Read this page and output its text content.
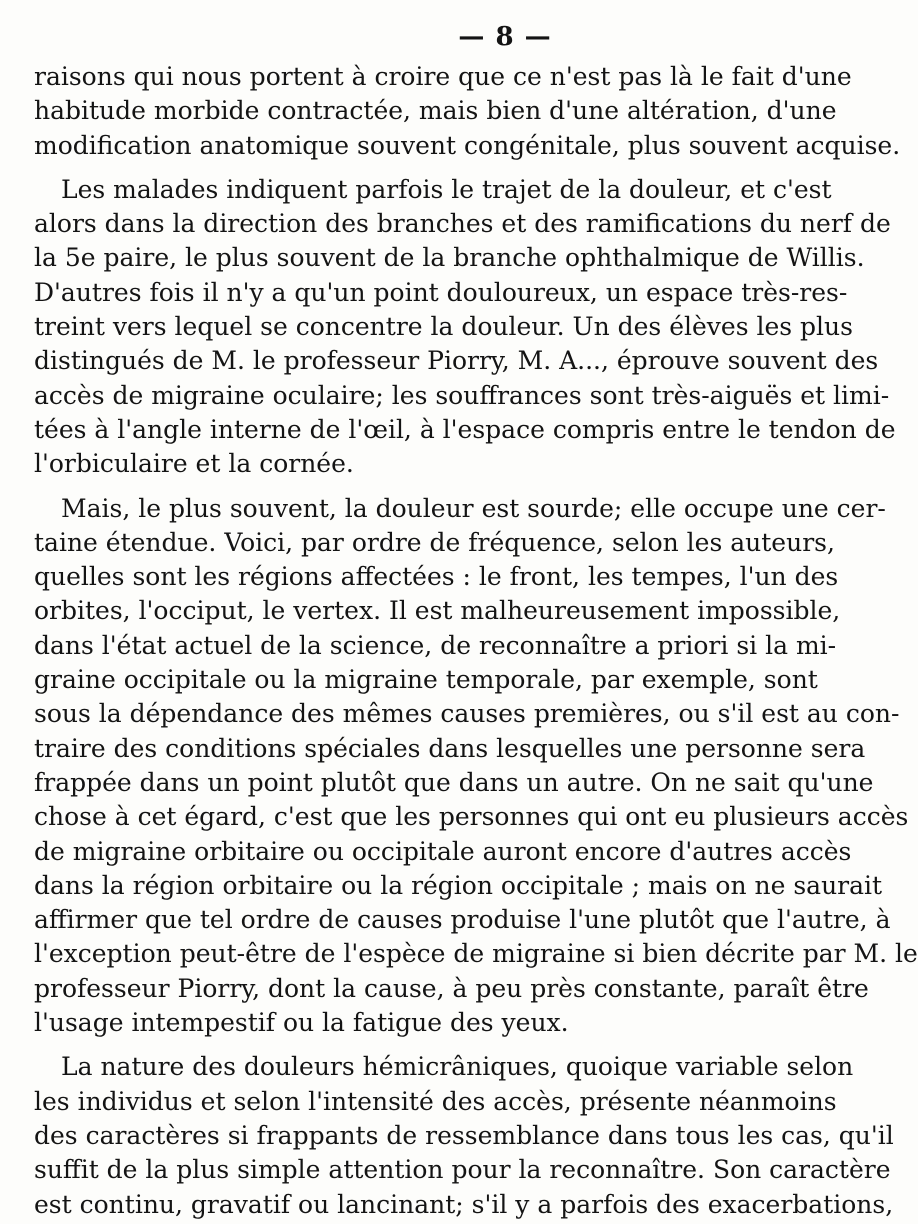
— 8 —
raisons qui nous portent à croire que ce n'est pas là le fait d'une
habitude morbide contractée, mais bien d'une altération, d'une
modification anatomique souvent congénitale, plus souvent acquise.
Les malades indiquent parfois le trajet de la douleur, et c'est
alors dans la direction des branches et des ramifications du nerf de
la 5e paire, le plus souvent de la branche ophthalmique de Willis.
D'autres fois il n'y a qu'un point douloureux, un espace très-res-
treint vers lequel se concentre la douleur. Un des élèves les plus
distingués de M. le professeur Piorry, M. A..., éprouve souvent des
accès de migraine oculaire; les souffrances sont très-aiguës et limi-
tées à l'angle interne de l'œil, à l'espace compris entre le tendon de
l'orbiculaire et la cornée.
Mais, le plus souvent, la douleur est sourde; elle occupe une cer-
taine étendue. Voici, par ordre de fréquence, selon les auteurs,
quelles sont les régions affectées : le front, les tempes, l'un des
orbites, l'occiput, le vertex. Il est malheureusement impossible,
dans l'état actuel de la science, de reconnaître a priori si la mi-
graine occipitale ou la migraine temporale, par exemple, sont
sous la dépendance des mêmes causes premières, ou s'il est au con-
traire des conditions spéciales dans lesquelles une personne sera
frappée dans un point plutôt que dans un autre. On ne sait qu'une
chose à cet égard, c'est que les personnes qui ont eu plusieurs accès
de migraine orbitaire ou occipitale auront encore d'autres accès
dans la région orbitaire ou la région occipitale ; mais on ne saurait
affirmer que tel ordre de causes produise l'une plutôt que l'autre, à
l'exception peut-être de l'espèce de migraine si bien décrite par M. le
professeur Piorry, dont la cause, à peu près constante, paraît être
l'usage intempestif ou la fatigue des yeux.
La nature des douleurs hémicrâniques, quoique variable selon
les individus et selon l'intensité des accès, présente néanmoins
des caractères si frappants de ressemblance dans tous les cas, qu'il
suffit de la plus simple attention pour la reconnaître. Son caractère
est continu, gravatif ou lancinant; s'il y a parfois des exacerbations,
